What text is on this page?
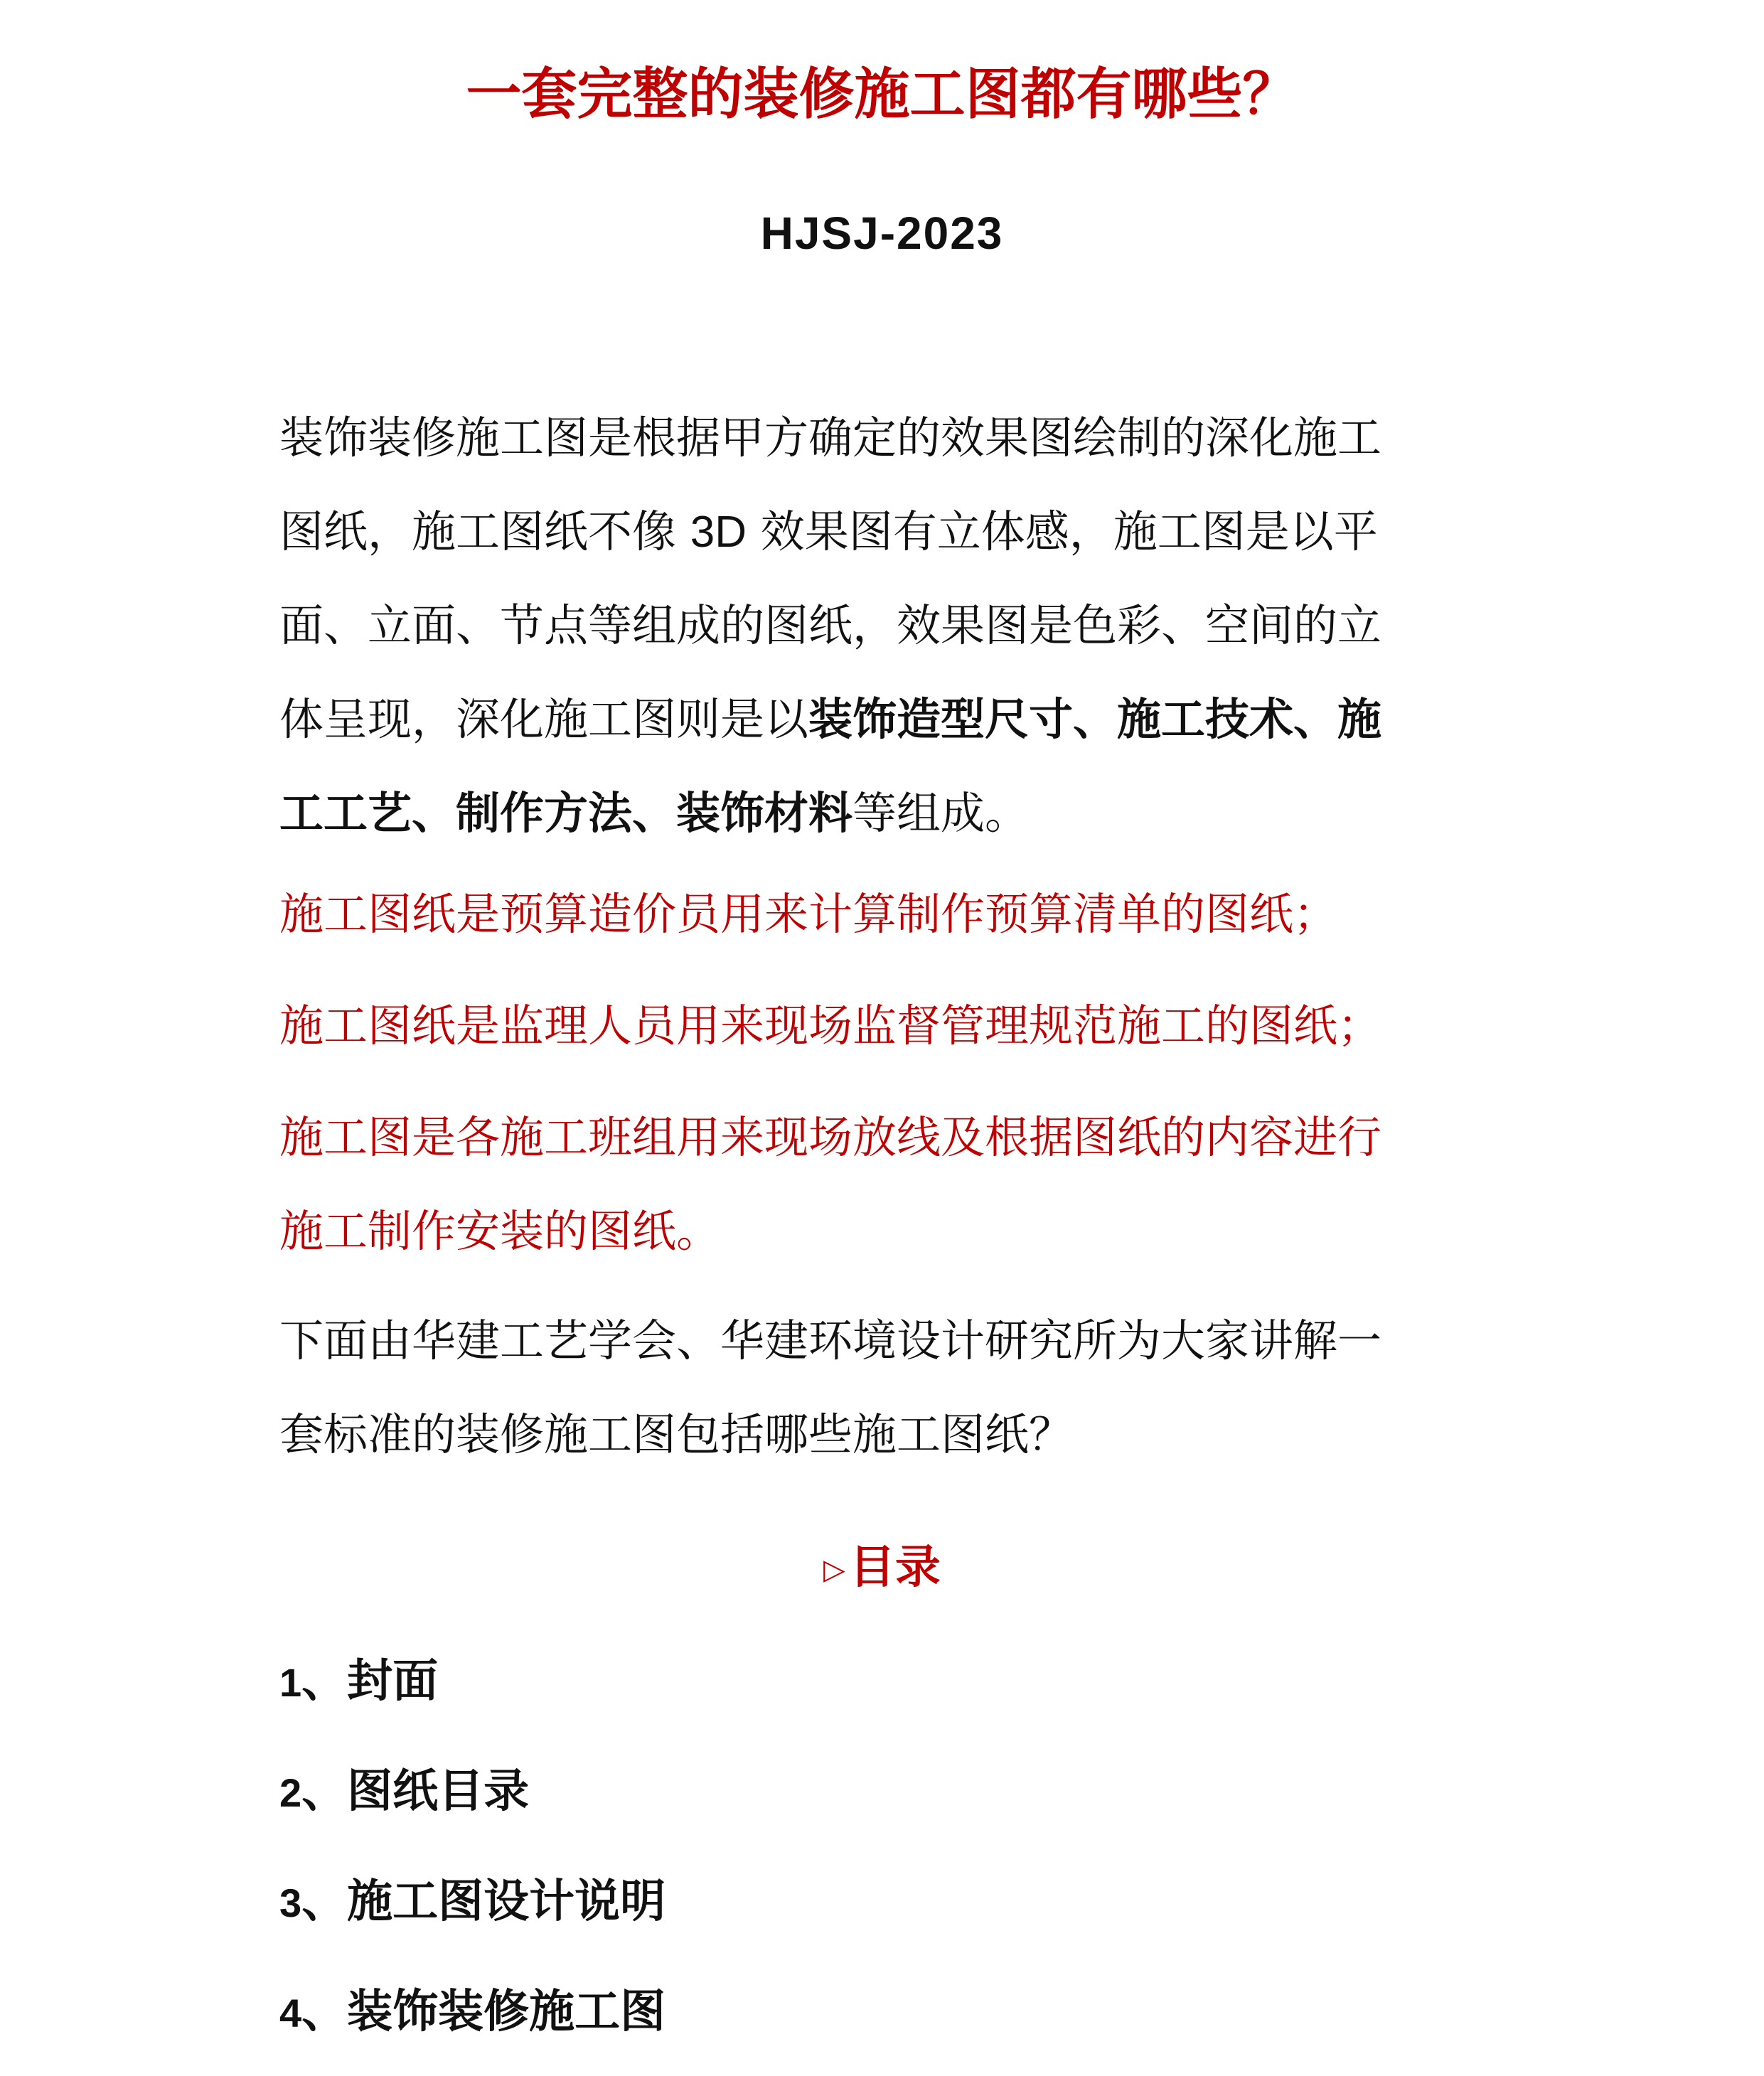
一套完整的装修施工图都有哪些？
HJSJ-2023
装饰装修施工图是根据甲方确定的效果图绘制的深化施工
图纸，施工图纸不像 3D 效果图有立体感，施工图是以平
面、立面、节点等组成的图纸，效果图是色彩、空间的立
体呈现，深化施工图则是以装饰造型尺寸、施工技术、施
工工艺、制作方法、装饰材料等组成。
施工图纸是预算造价员用来计算制作预算清单的图纸；
施工图纸是监理人员用来现场监督管理规范施工的图纸；
施工图是各施工班组用来现场放线及根据图纸的内容进行
施工制作安装的图纸。
下面由华建工艺学会、华建环境设计研究所为大家讲解一
套标准的装修施工图包括哪些施工图纸？
▷目录
1、封面
2、图纸目录
3、施工图设计说明
4、装饰装修施工图
